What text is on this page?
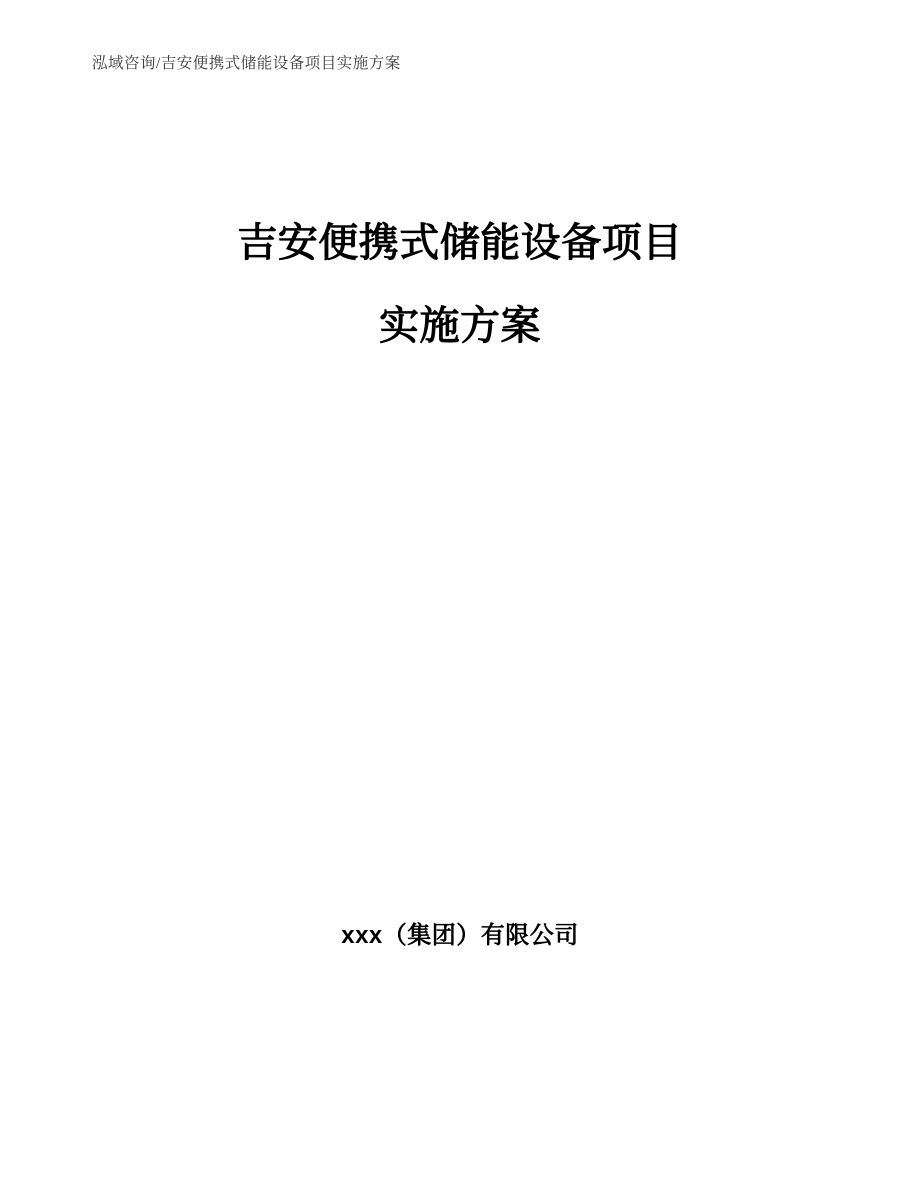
泓域咨询/吉安便携式储能设备项目实施方案
吉安便携式储能设备项目
实施方案
xxx（集团）有限公司
